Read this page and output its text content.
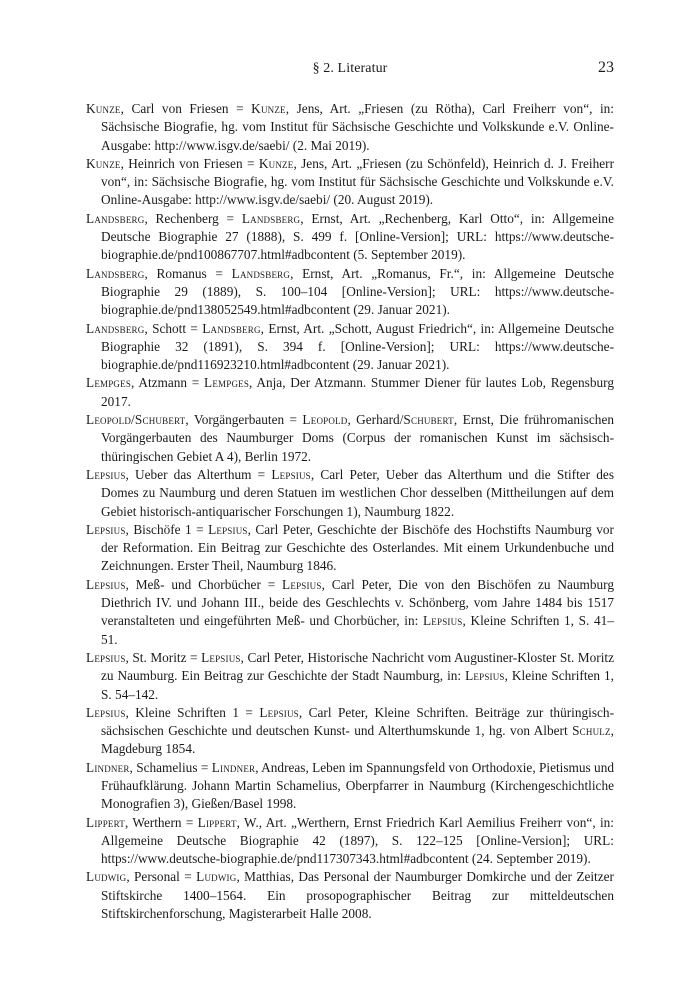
§ 2. Literatur	23

Kunze, Carl von Friesen = Kunze, Jens, Art. „Friesen (zu Rötha), Carl Freiherr von“, in: Sächsische Biografie, hg. vom Institut für Sächsische Geschichte und Volkskunde e.V. Online-Ausgabe: http://www.isgv.de/saebi/ (2. Mai 2019).

Kunze, Heinrich von Friesen = Kunze, Jens, Art. „Friesen (zu Schönfeld), Heinrich d. J. Freiherr von“, in: Sächsische Biografie, hg. vom Institut für Sächsische Geschichte und Volkskunde e.V. Online-Ausgabe: http://www.isgv.de/saebi/ (20. August 2019).

Landsberg, Rechenberg = Landsberg, Ernst, Art. „Rechenberg, Karl Otto“, in: Allgemeine Deutsche Biographie 27 (1888), S. 499 f. [Online-Version]; URL: https://www.deutsche-biographie.de/pnd100867707.html#adbcontent (5. September 2019).

Landsberg, Romanus = Landsberg, Ernst, Art. „Romanus, Fr.“, in: Allgemeine Deutsche Biographie 29 (1889), S. 100–104 [Online-Version]; URL: https://www.deutsche-biographie.de/pnd138052549.html#adbcontent (29. Januar 2021).

Landsberg, Schott = Landsberg, Ernst, Art. „Schott, August Friedrich“, in: Allgemeine Deutsche Biographie 32 (1891), S. 394 f. [Online-Version]; URL: https://www.deutsche-biographie.de/pnd116923210.html#adbcontent (29. Januar 2021).

Lempges, Atzmann = Lempges, Anja, Der Atzmann. Stummer Diener für lautes Lob, Regensburg 2017.

Leopold/Schubert, Vorgängerbauten = Leopold, Gerhard/Schubert, Ernst, Die frühromanischen Vorgängerbauten des Naumburger Doms (Corpus der romanischen Kunst im sächsisch-thüringischen Gebiet A 4), Berlin 1972.

Lepsius, Ueber das Alterthum = Lepsius, Carl Peter, Ueber das Alterthum und die Stifter des Domes zu Naumburg und deren Statuen im westlichen Chor desselben (Mittheilungen auf dem Gebiet historisch-antiquarischer Forschungen 1), Naumburg 1822.

Lepsius, Bischöfe 1 = Lepsius, Carl Peter, Geschichte der Bischöfe des Hochstifts Naumburg vor der Reformation. Ein Beitrag zur Geschichte des Osterlandes. Mit einem Urkundenbuche und Zeichnungen. Erster Theil, Naumburg 1846.

Lepsius, Meß- und Chorbücher = Lepsius, Carl Peter, Die von den Bischöfen zu Naumburg Diethrich IV. und Johann III., beide des Geschlechts v. Schönberg, vom Jahre 1484 bis 1517 veranstalteten und eingeführten Meß- und Chorbücher, in: Lepsius, Kleine Schriften 1, S. 41–51.

Lepsius, St. Moritz = Lepsius, Carl Peter, Historische Nachricht vom Augustiner-Kloster St. Moritz zu Naumburg. Ein Beitrag zur Geschichte der Stadt Naumburg, in: Lepsius, Kleine Schriften 1, S. 54–142.

Lepsius, Kleine Schriften 1 = Lepsius, Carl Peter, Kleine Schriften. Beiträge zur thüringisch-sächsischen Geschichte und deutschen Kunst- und Alterthumskunde 1, hg. von Albert Schulz, Magdeburg 1854.

Lindner, Schamelius = Lindner, Andreas, Leben im Spannungsfeld von Orthodoxie, Pietismus und Frühaufklärung. Johann Martin Schamelius, Oberpfarrer in Naumburg (Kirchengeschichtliche Monografien 3), Gießen/Basel 1998.

Lippert, Werthern = Lippert, W., Art. „Werthern, Ernst Friedrich Karl Aemilius Freiherr von“, in: Allgemeine Deutsche Biographie 42 (1897), S. 122–125 [Online-Version]; URL: https://www.deutsche-biographie.de/pnd117307343.html#adbcontent (24. September 2019).

Ludwig, Personal = Ludwig, Matthias, Das Personal der Naumburger Domkirche und der Zeitzer Stiftskirche 1400–1564. Ein prosopographischer Beitrag zur mitteldeutschen Stiftskirchenforschung, Magisterarbeit Halle 2008.
